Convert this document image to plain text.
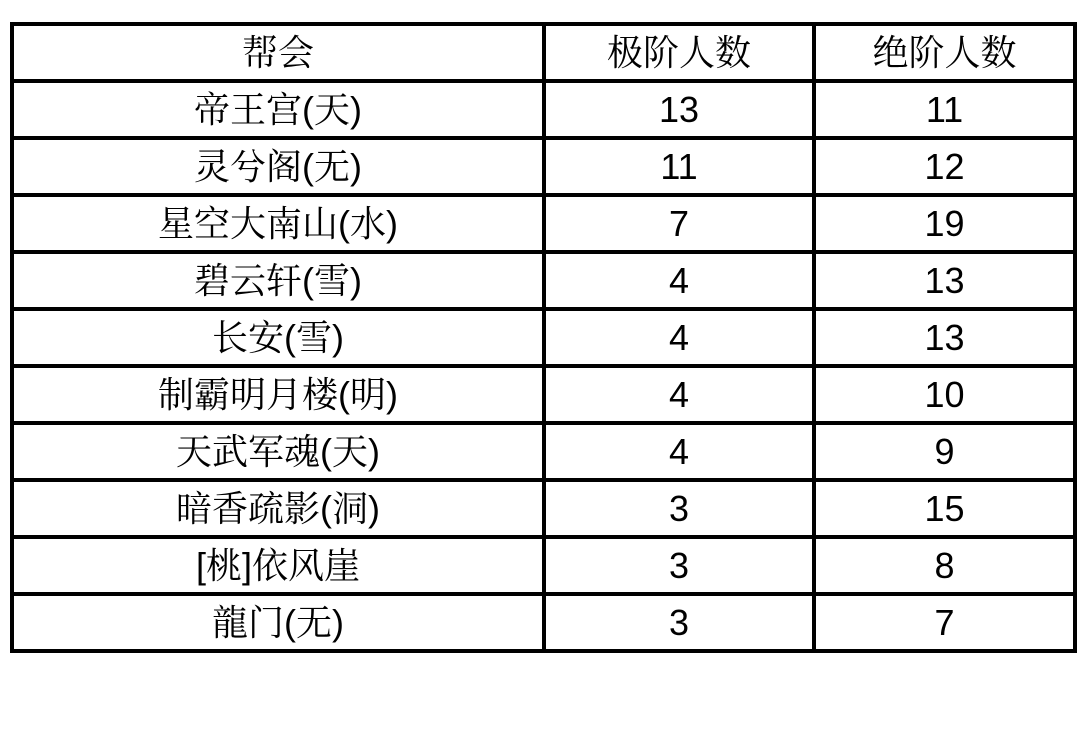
帮会	极阶人数	绝阶人数
帝王宫(天)	13	11
灵兮阁(无)	11	12
星空大南山(水)	7	19
碧云轩(雪)	4	13
长安(雪)	4	13
制霸明月楼(明)	4	10
天武军魂(天)	4	9
暗香疏影(洞)	3	15
[桃]依风崖	3	8
龍门(无)	3	7
